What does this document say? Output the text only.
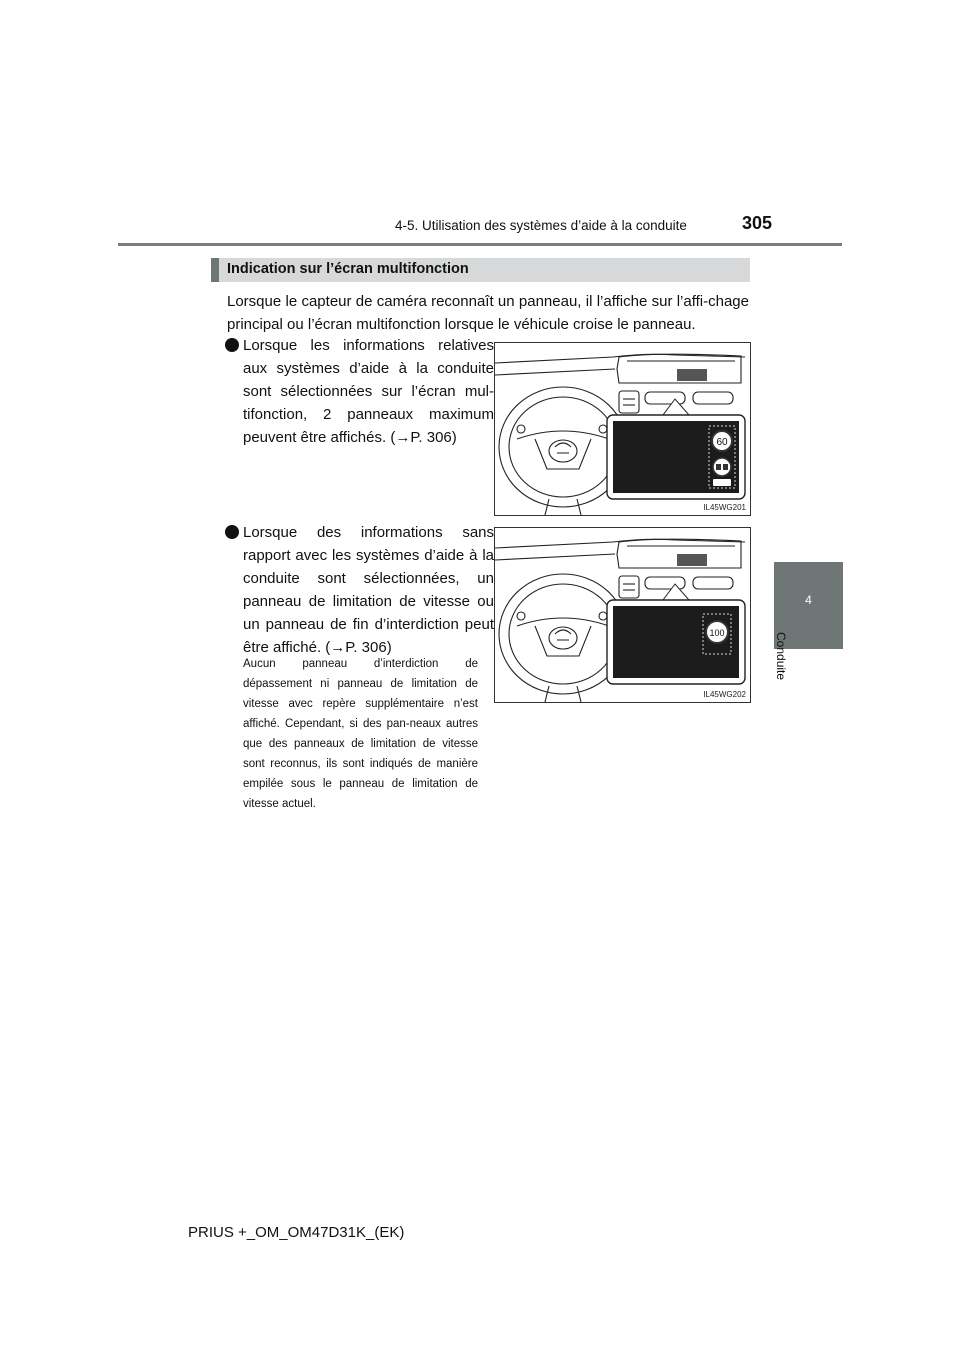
4-5. Utilisation des systèmes d’aide à la conduite	305
4
Conduite
Indication sur l’écran multifonction
Lorsque le capteur de caméra reconnaît un panneau, il l’affiche sur l’affi-chage principal ou l’écran multifonction lorsque le véhicule croise le panneau.
Lorsque les informations relatives aux systèmes d’aide à la conduite sont sélectionnées sur l’écran mul-tifonction, 2 panneaux maximum peuvent être affichés. (→P. 306)
Lorsque des informations sans rapport avec les systèmes d’aide à la conduite sont sélectionnées, un panneau de limitation de vitesse ou un panneau de fin d’interdiction peut être affiché. (→P. 306)
Aucun panneau d’interdiction de dépassement ni panneau de limitation de vitesse avec repère supplémentaire n’est affiché. Cependant, si des pan-neaux autres que des panneaux de limitation de vitesse sont reconnus, ils sont indiqués de manière empilée sous le panneau de limitation de vitesse actuel.
60
IL45WG201
100
IL45WG202
PRIUS +_OM_OM47D31K_(EK)
